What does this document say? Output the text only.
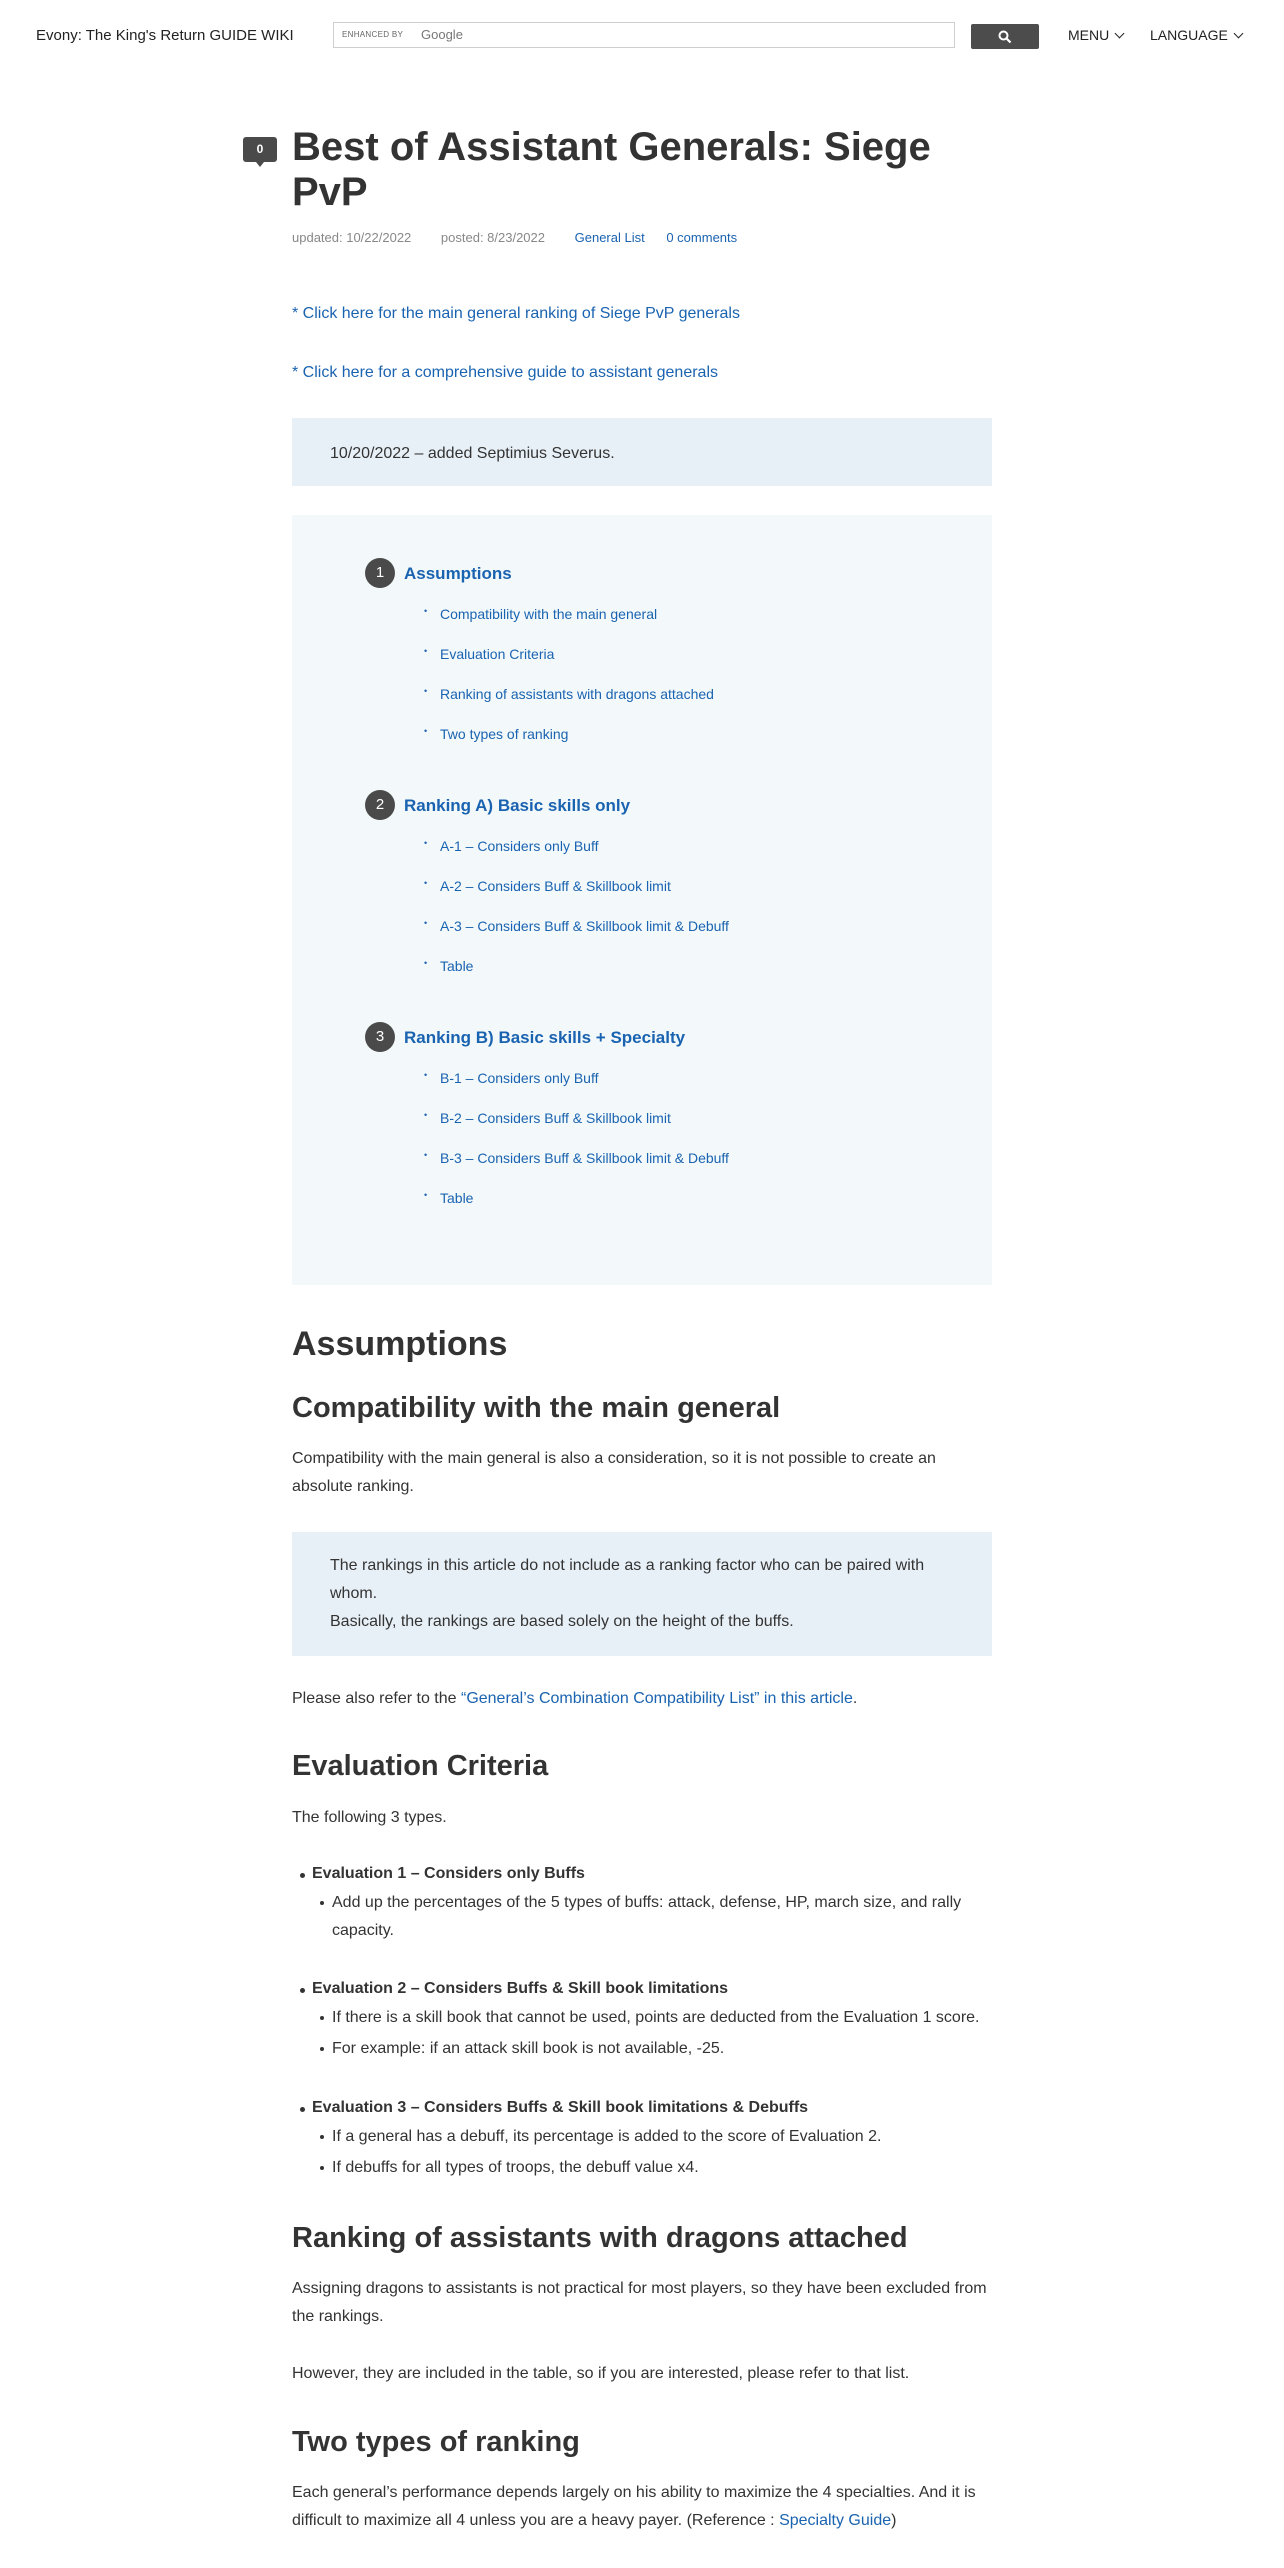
Evony: The King's Return GUIDE WIKI	ENHANCED BY Google	MENU	LANGUAGE
0 Best of Assistant Generals: Siege PvP
updated: 10/22/2022 posted: 8/23/2022 General List 0 comments
* Click here for the main general ranking of Siege PvP generals
* Click here for a comprehensive guide to assistant generals
10/20/2022 – added Septimius Severus.
1	Assumptions
• Compatibility with the main general
• Evaluation Criteria
• Ranking of assistants with dragons attached
• Two types of ranking
2	Ranking A) Basic skills only
• A-1 – Considers only Buff
• A-2 – Considers Buff & Skillbook limit
• A-3 – Considers Buff & Skillbook limit & Debuff
• Table
3	Ranking B) Basic skills + Specialty
• B-1 – Considers only Buff
• B-2 – Considers Buff & Skillbook limit
• B-3 – Considers Buff & Skillbook limit & Debuff
• Table
Assumptions
Compatibility with the main general
Compatibility with the main general is also a consideration, so it is not possible to create an absolute ranking.
The rankings in this article do not include as a ranking factor who can be paired with whom.
Basically, the rankings are based solely on the height of the buffs.
Please also refer to the “General’s Combination Compatibility List” in this article.
Evaluation Criteria
The following 3 types.
Evaluation 1 – Considers only Buffs
Add up the percentages of the 5 types of buffs: attack, defense, HP, march size, and rally capacity.
Evaluation 2 – Considers Buffs & Skill book limitations
If there is a skill book that cannot be used, points are deducted from the Evaluation 1 score.
For example: if an attack skill book is not available, -25.
Evaluation 3 – Considers Buffs & Skill book limitations & Debuffs
If a general has a debuff, its percentage is added to the score of Evaluation 2.
If debuffs for all types of troops, the debuff value x4.
Ranking of assistants with dragons attached
Assigning dragons to assistants is not practical for most players, so they have been excluded from the rankings.
However, they are included in the table, so if you are interested, please refer to that list.
Two types of ranking
Each general’s performance depends largely on his ability to maximize the 4 specialties. And it is difficult to maximize all 4 unless you are a heavy payer. (Reference : Specialty Guide)
